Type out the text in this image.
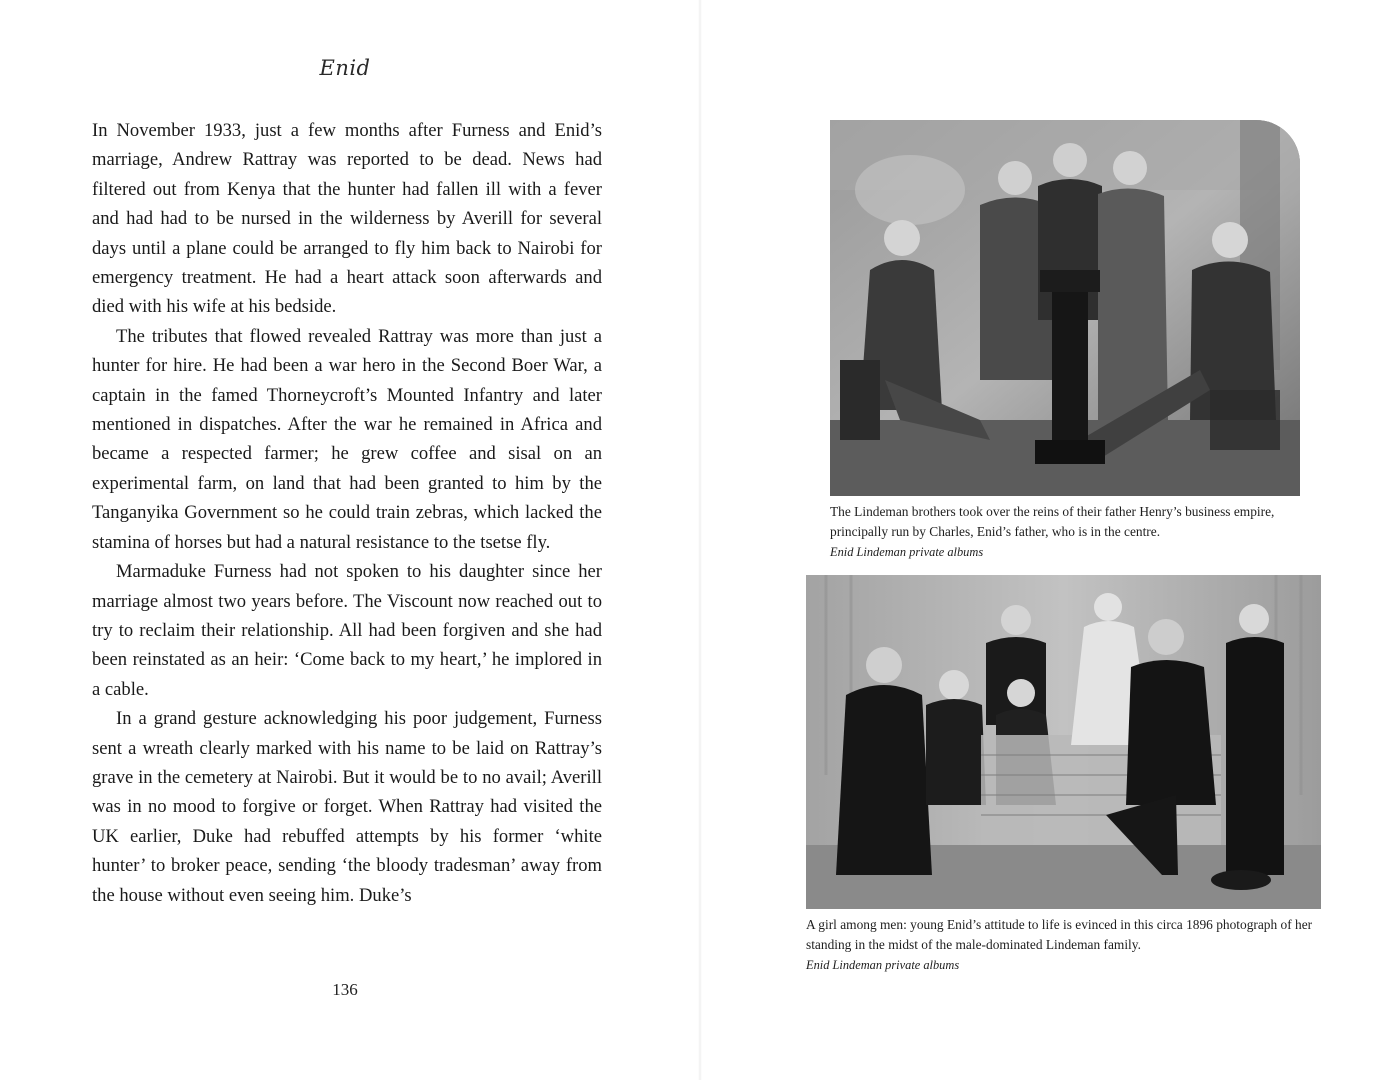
Enid

In November 1933, just a few months after Furness and Enid’s marriage, Andrew Rattray was reported to be dead. News had filtered out from Kenya that the hunter had fallen ill with a fever and had had to be nursed in the wilderness by Averill for several days until a plane could be arranged to fly him back to Nairobi for emergency treatment. He had a heart attack soon afterwards and died with his wife at his bedside.

The tributes that flowed revealed Rattray was more than just a hunter for hire. He had been a war hero in the Second Boer War, a captain in the famed Thorneycroft’s Mounted Infantry and later mentioned in dispatches. After the war he remained in Africa and became a respected farmer; he grew coffee and sisal on an experimental farm, on land that had been granted to him by the Tanganyika Government so he could train zebras, which lacked the stamina of horses but had a natural resistance to the tsetse fly.

Marmaduke Furness had not spoken to his daughter since her marriage almost two years before. The Viscount now reached out to try to reclaim their relationship. All had been forgiven and she had been reinstated as an heir: ‘Come back to my heart,’ he implored in a cable.

In a grand gesture acknowledging his poor judgement, Furness sent a wreath clearly marked with his name to be laid on Rattray’s grave in the cemetery at Nairobi. But it would be to no avail; Averill was in no mood to forgive or forget. When Rattray had visited the UK earlier, Duke had rebuffed attempts by his former ‘white hunter’ to broker peace, sending ‘the bloody tradesman’ away from the house without even seeing him. Duke’s

136
The Lindeman brothers took over the reins of their father Henry’s business empire, principally run by Charles, Enid’s father, who is in the centre.
Enid Lindeman private albums
A girl among men: young Enid’s attitude to life is evinced in this circa 1896 photograph of her standing in the midst of the male-dominated Lindeman family.
Enid Lindeman private albums
